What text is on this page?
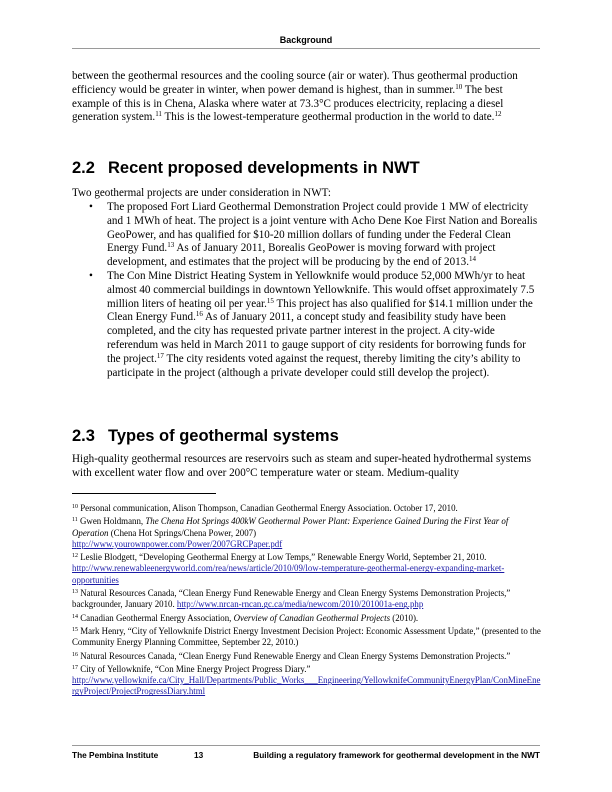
Background

between the geothermal resources and the cooling source (air or water). Thus geothermal production efficiency would be greater in winter, when power demand is highest, than in summer.$^{10}$ The best example of this is in Chena, Alaska where water at 73.3°C produces electricity, replacing a diesel generation system.$^{11}$ This is the lowest-temperature geothermal production in the world to date.$^{12}$

2.2 Recent proposed developments in NWT

Two geothermal projects are under consideration in NWT:

• The proposed Fort Liard Geothermal Demonstration Project could provide 1 MW of electricity and 1 MWh of heat. The project is a joint venture with Acho Dene Koe First Nation and Borealis GeoPower, and has qualified for $10-20 million dollars of funding under the Federal Clean Energy Fund.$^{13}$ As of January 2011, Borealis GeoPower is moving forward with project development, and estimates that the project will be producing by the end of 2013.14
• The Con Mine District Heating System in Yellowknife would produce 52,000 MWh/yr to heat almost 40 commercial buildings in downtown Yellowknife. This would offset approximately 7.5 million liters of heating oil per year.$^{15}$ This project has also qualified for $14.1 million under the Clean Energy Fund.$^{16}$ As of January 2011, a concept study and feasibility study have been completed, and the city has requested private partner interest in the project. A city-wide referendum was held in March 2011 to gauge support of city residents for borrowing funds for the project.$^{17}$ The city residents voted against the request, thereby limiting the city’s ability to participate in the project (although a private developer could still develop the project).
2.3 Types of geothermal systems

High-quality geothermal resources are reservoirs such as steam and super-heated hydrothermal systems with excellent water flow and over 200°C temperature water or steam. Medium-quality

$^{10}$ Personal communication, Alison Thompson, Canadian Geothermal Energy Association. October 17, 2010.

$^{11}$ Gwen Holdmann, The Chena Hot Springs 400kW Geothermal Power Plant: Experience Gained During the First Year of Operation (Chena Hot Springs/Chena Power, 2007)
http://www.yourownpower.com/Power/2007GRCPaper.pdf

$^{12}$ Leslie Blodgett, “Developing Geothermal Energy at Low Temps,” Renewable Energy World, September 21, 2010. http://www.renewableenergyworld.com/rea/news/article/2010/09/low-temperature-geothermal-energy-expanding-market-opportunities

$^{13}$ Natural Resources Canada, “Clean Energy Fund Renewable Energy and Clean Energy Systems Demonstration Projects,” backgrounder, January 2010. http://www.nrcan-rncan.gc.ca/media/newcom/2010/201001a-eng.php

$^{14}$ Canadian Geothermal Energy Association, Overview of Canadian Geothermal Projects (2010).

$^{15}$ Mark Henry, “City of Yellowknife District Energy Investment Decision Project: Economic Assessment Update,” (presented to the Community Energy Planning Committee, September 22, 2010.)

$^{16}$ Natural Resources Canada, “Clean Energy Fund Renewable Energy and Clean Energy Systems Demonstration Projects.”

$^{17}$ City of Yellowknife, “Con Mine Energy Project Progress Diary.”
http://www.yellowknife.ca/City_Hall/Departments/Public_Works___Engineering/YellowknifeCommunityEnergyPlan/ConMineEnergyProject/ProjectProgressDiary.html

The Pembina Institute	13	Building a regulatory framework for geothermal development in the NWT
